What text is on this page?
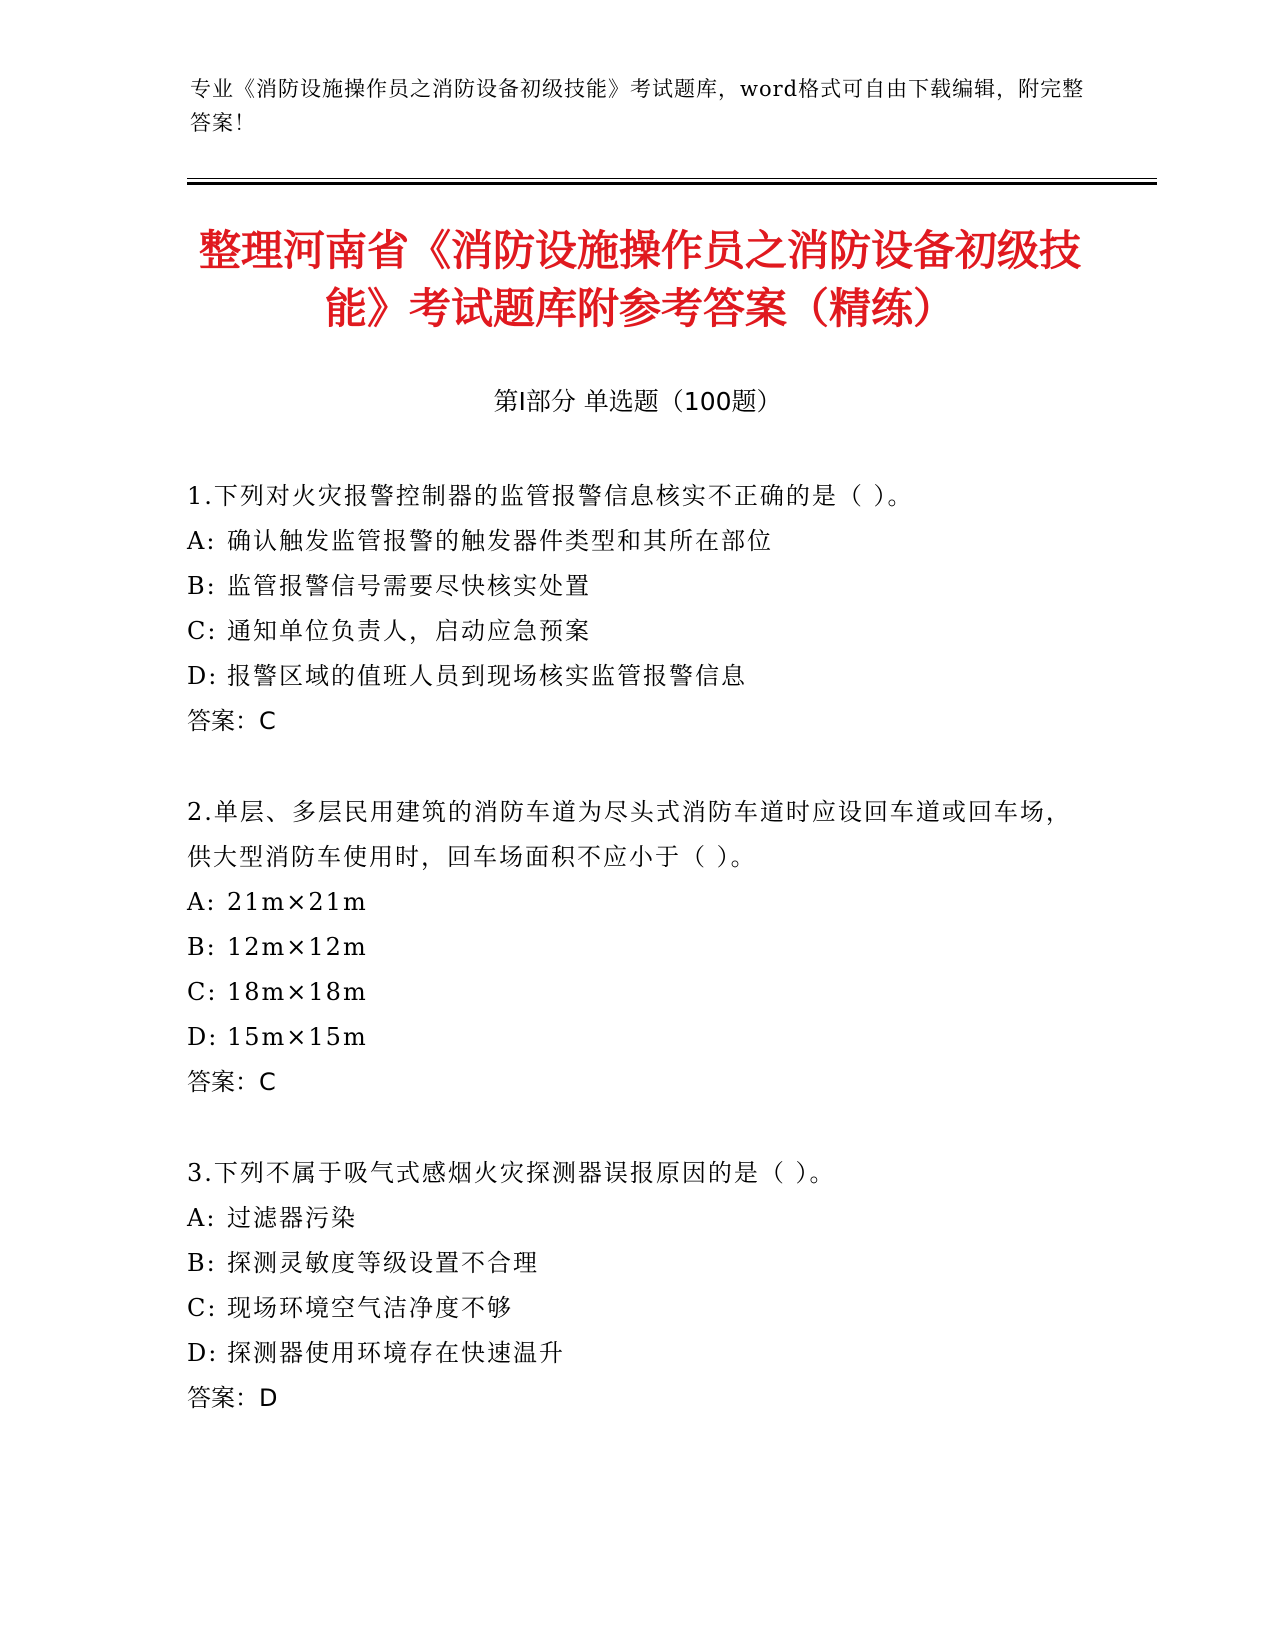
专业《消防设施操作员之消防设备初级技能》考试题库，word格式可自由下载编辑，附完整答案！
整理河南省《消防设施操作员之消防设备初级技能》考试题库附参考答案（精练）
第Ⅰ部分 单选题（100题）

1.下列对火灾报警控制器的监管报警信息核实不正确的是（ ）。

A: 确认触发监管报警的触发器件类型和其所在部位

B: 监管报警信号需要尽快核实处置

C: 通知单位负责人，启动应急预案

D: 报警区域的值班人员到现场核实监管报警信息

答案：C

2.单层、多层民用建筑的消防车道为尽头式消防车道时应设回车道或回车场，供大型消防车使用时，回车场面积不应小于（ ）。

A: 21m×21m

B: 12m×12m

C: 18m×18m

D: 15m×15m

答案：C

3.下列不属于吸气式感烟火灾探测器误报原因的是（ ）。

A: 过滤器污染

B: 探测灵敏度等级设置不合理

C: 现场环境空气洁净度不够

D: 探测器使用环境存在快速温升

答案：D
